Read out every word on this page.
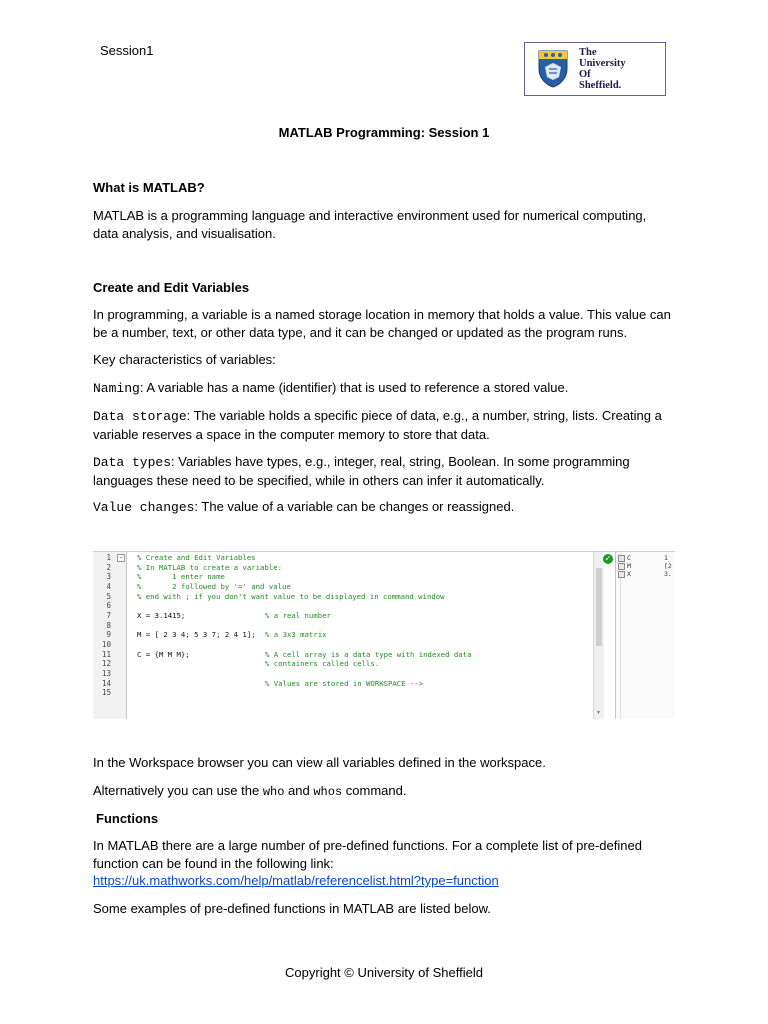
Session1	The
University
Of
Sheffield.
MATLAB Programming: Session 1
What is MATLAB?
MATLAB is a programming language and interactive environment used for numerical computing, data analysis, and visualisation.
Create and Edit Variables
In programming, a variable is a named storage location in memory that holds a value. This value can be a number, text, or other data type, and it can be changed or updated as the program runs.
Key characteristics of variables:
Naming: A variable has a name (identifier) that is used to reference a stored value.
Data storage: The variable holds a specific piece of data, e.g., a number, string, lists. Creating a variable reserves a space in the computer memory to store that data.
Data types: Variables have types, e.g., integer, real, string, Boolean. In some programming languages these need to be specified, while in others can infer it automatically.
Value changes: The value of a variable can be changes or reassigned.
−
1
2
3
4
5
6
7
8
9
10
11
12
13
14
15
% Create and Edit Variables
% In MATLAB to create a variable:
%       1 enter name
%       2 followed by '=' and value
% end with ; if you don't want value to be displayed in command window
X = 3.1415;
M = [ 2 3 4; 5 3 7; 2 4 1];
C = {M M M};
% a real number
% a 3x3 matrix
% A cell array is a data type with indexed data
% containers called cells.
% Values are stored in WORKSPACE -->
▼
✓	C	1
M	[2
X	3.
In the Workspace browser you can view all variables defined in the workspace.
Alternatively you can use the who and whos command.
Functions
In MATLAB there are a large number of pre-defined functions. For a complete list of pre-defined function can be found in the following link:
https://uk.mathworks.com/help/matlab/referencelist.html?type=function
Some examples of pre-defined functions in MATLAB are listed below.
Copyright © University of Sheffield
